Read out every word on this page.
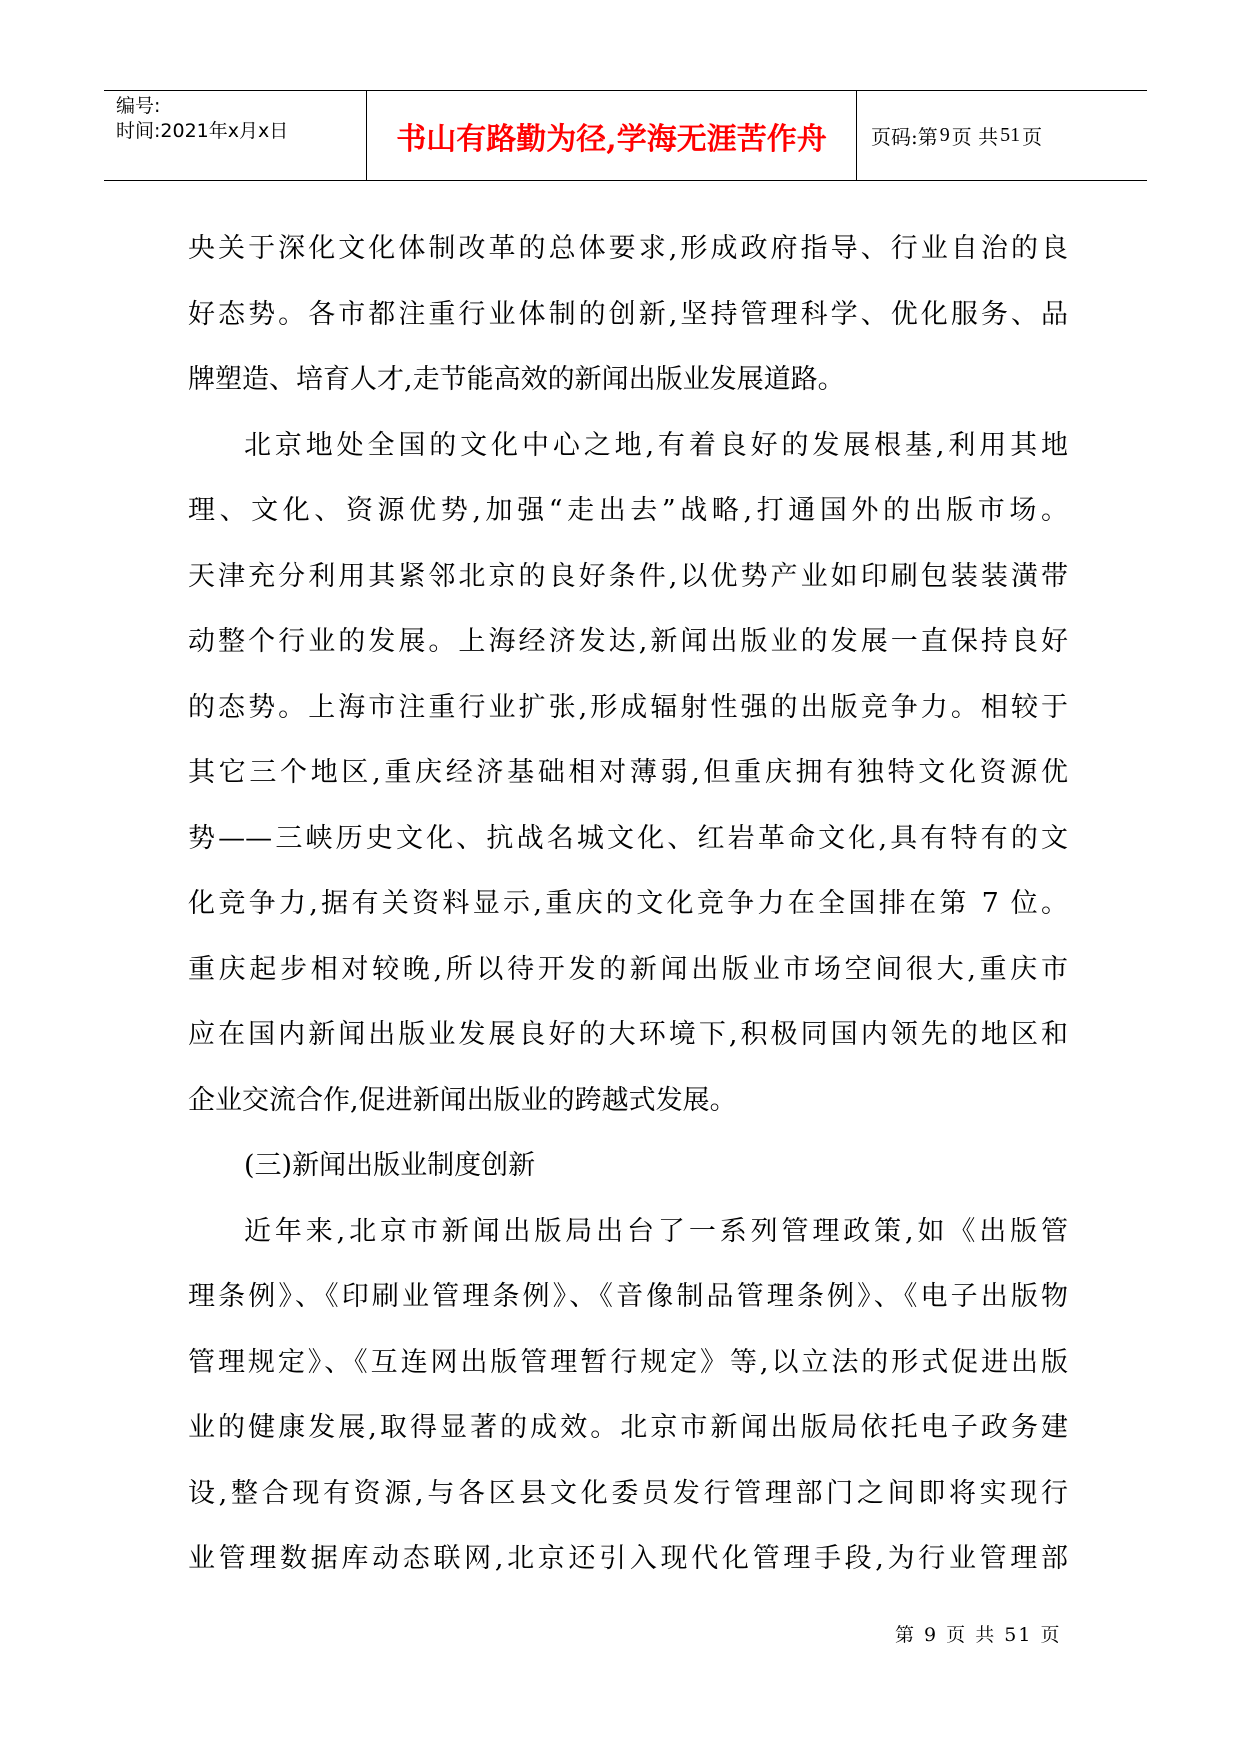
编号:
时间:2021年x月x日	书山有路勤为径,学海无涯苦作舟 页码:第 9 页 共 51 页
央关于深化文化体制改革的总体要求,形成政府指导、行业自治的良
好态势。各市都注重行业体制的创新,坚持管理科学、优化服务、品
牌塑造、培育人才,走节能高效的新闻出版业发展道路。
北京地处全国的文化中心之地,有着良好的发展根基,利用其地
理、文化、资源优势,加强“走出去”战略,打通国外的出版市场。
天津充分利用其紧邻北京的良好条件,以优势产业如印刷包装装潢带
动整个行业的发展。上海经济发达,新闻出版业的发展一直保持良好
的态势。上海市注重行业扩张,形成辐射性强的出版竞争力。相较于
其它三个地区,重庆经济基础相对薄弱,但重庆拥有独特文化资源优
势——三峡历史文化、抗战名城文化、红岩革命文化,具有特有的文
化竞争力,据有关资料显示,重庆的文化竞争力在全国排在第 7 位。
重庆起步相对较晚,所以待开发的新闻出版业市场空间很大,重庆市
应在国内新闻出版业发展良好的大环境下,积极同国内领先的地区和
企业交流合作,促进新闻出版业的跨越式发展。
(三)新闻出版业制度创新
近年来,北京市新闻出版局出台了一系列管理政策,如《出版管
理条例》、《印刷业管理条例》、《音像制品管理条例》、《电子出版物
管理规定》、《互连网出版管理暂行规定》等,以立法的形式促进出版
业的健康发展,取得显著的成效。北京市新闻出版局依托电子政务建
设,整合现有资源,与各区县文化委员发行管理部门之间即将实现行
业管理数据库动态联网,北京还引入现代化管理手段,为行业管理部
第 9 页 共 51 页
